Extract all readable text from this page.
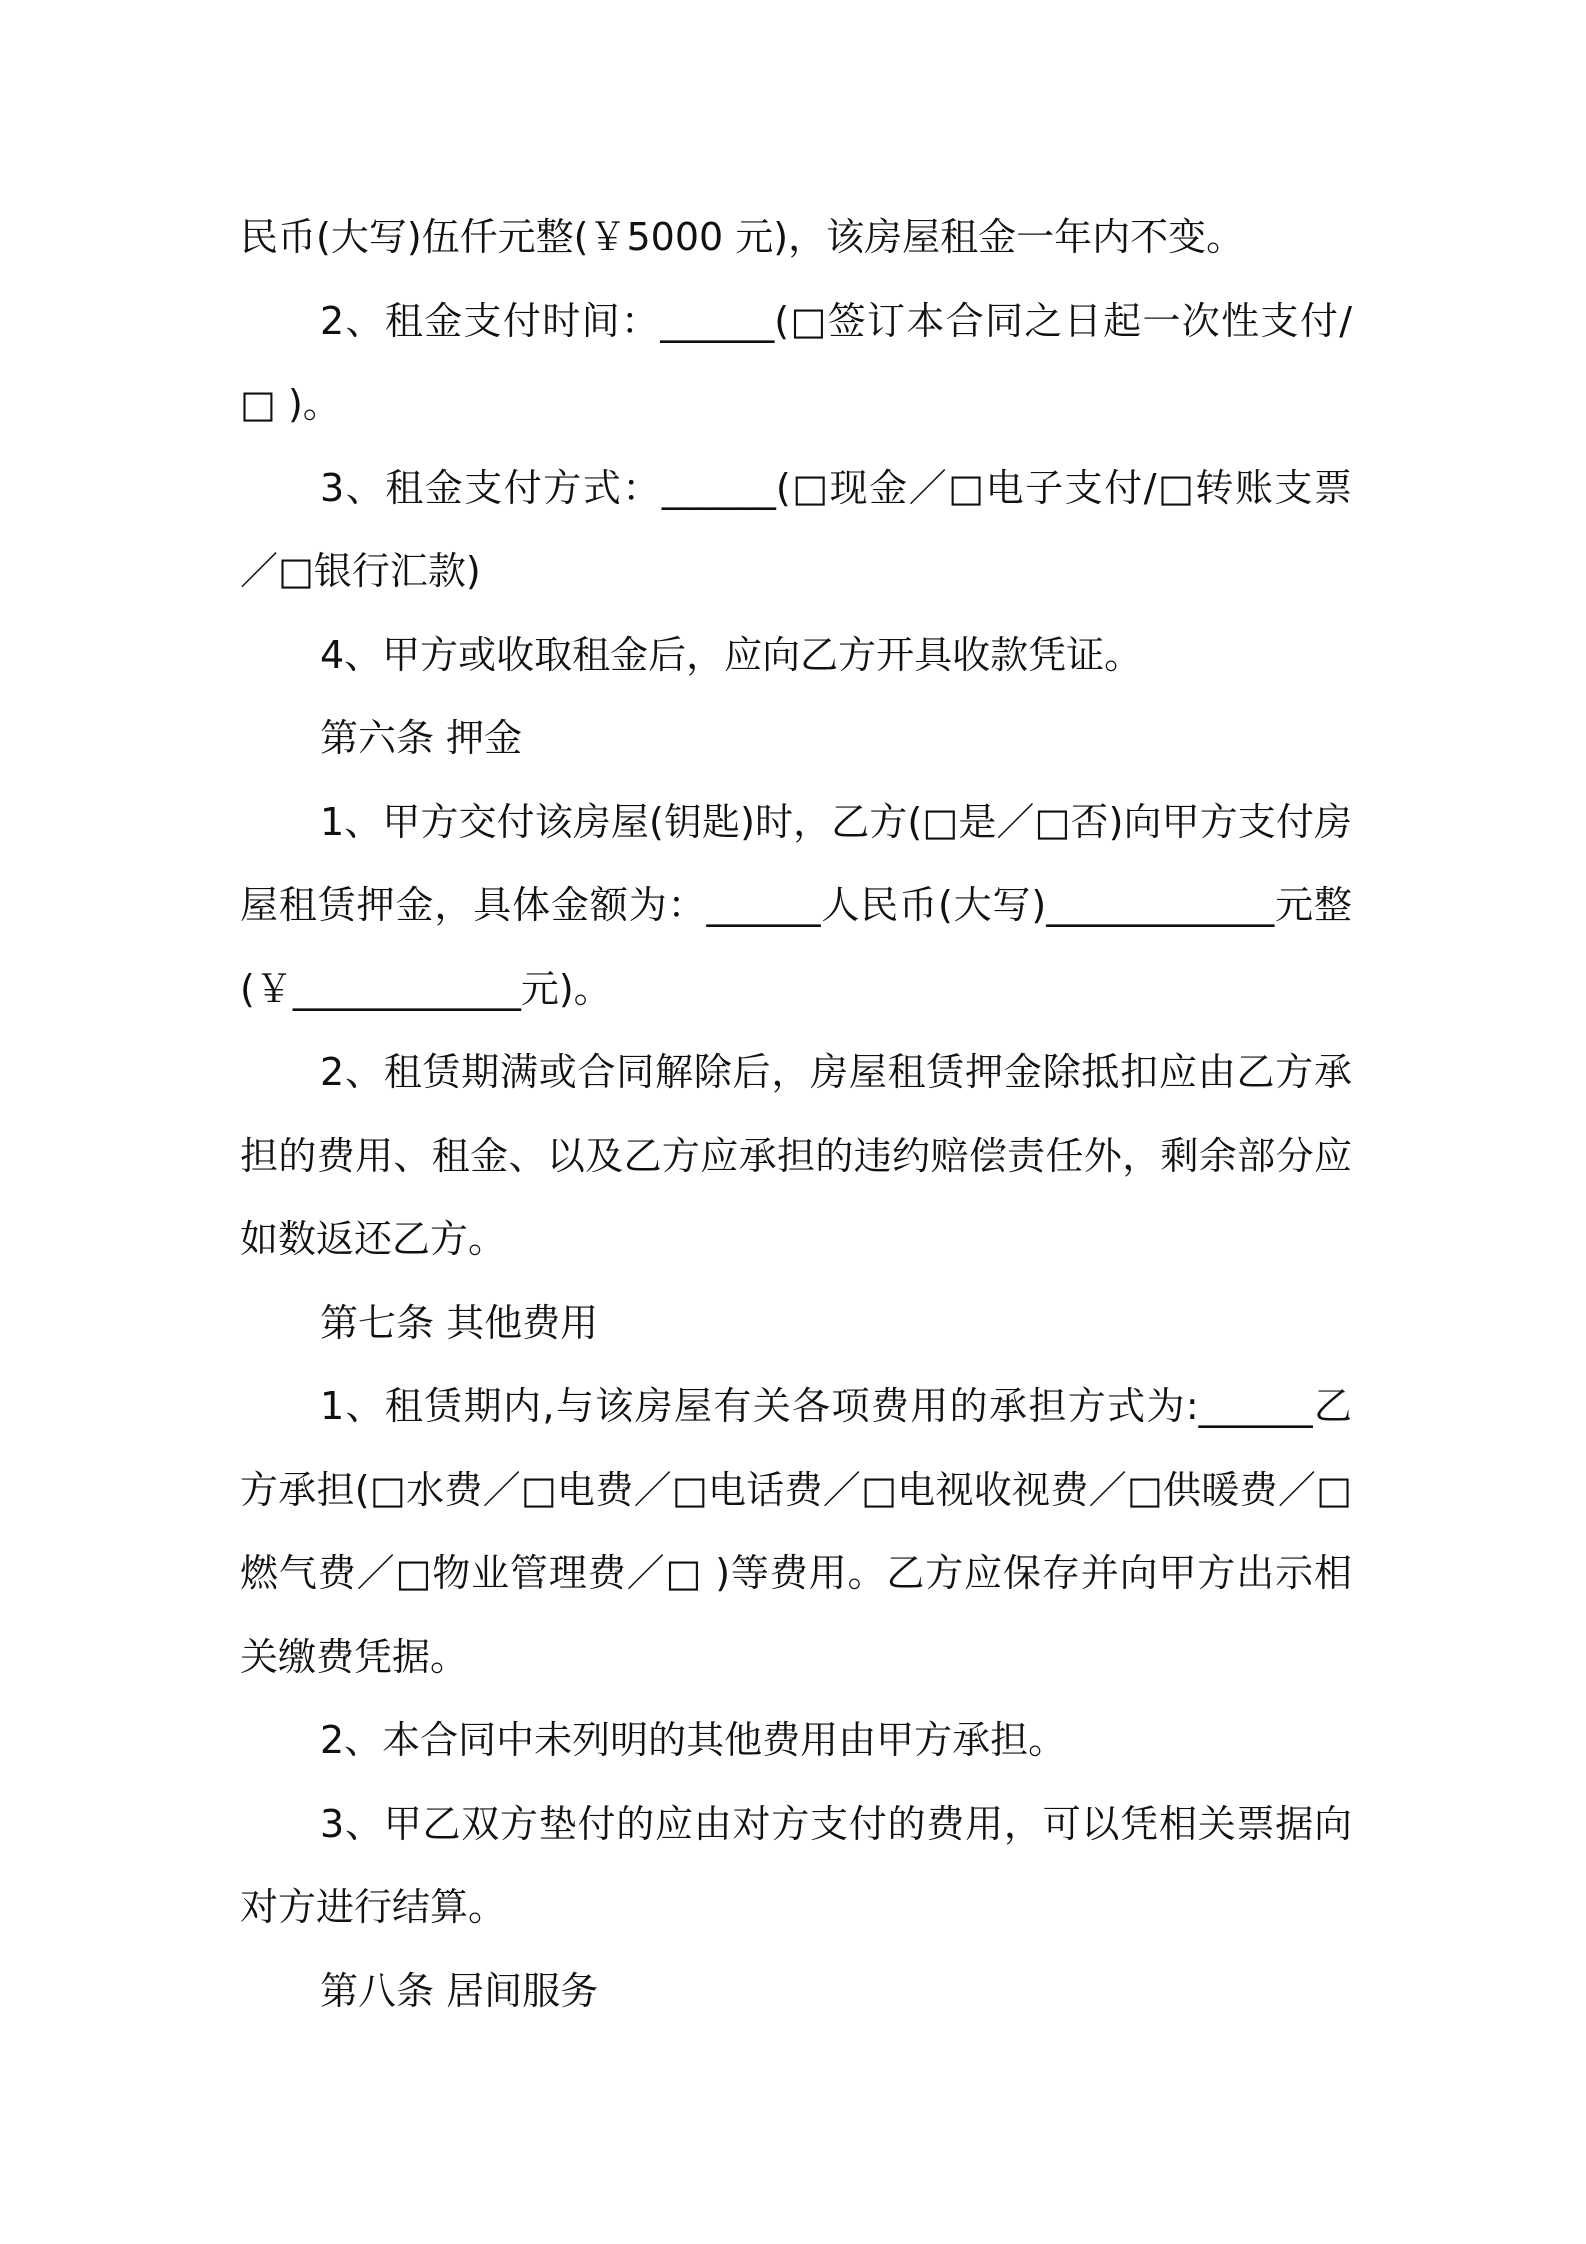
民币(大写)伍仟元整(￥5000 元)，该房屋租金一年内不变。

2、租金支付时间：______(□签订本合同之日起一次性支付/□ )。

3、租金支付方式：______(□现金／□电子支付/□转账支票／□银行汇款)

4、甲方或收取租金后，应向乙方开具收款凭证。

第六条 押金

1、甲方交付该房屋(钥匙)时，乙方(□是／□否)向甲方支付房屋租赁押金，具体金额为：______人民币(大写)____________元整(￥____________元)。

2、租赁期满或合同解除后，房屋租赁押金除抵扣应由乙方承担的费用、租金、以及乙方应承担的违约赔偿责任外，剩余部分应如数返还乙方。

第七条 其他费用

1、租赁期内,与该房屋有关各项费用的承担方式为:______乙方承担(□水费／□电费／□电话费／□电视收视费／□供暖费／□燃气费／□物业管理费／□ )等费用。乙方应保存并向甲方出示相关缴费凭据。

2、本合同中未列明的其他费用由甲方承担。

3、甲乙双方垫付的应由对方支付的费用，可以凭相关票据向对方进行结算。

第八条 居间服务
